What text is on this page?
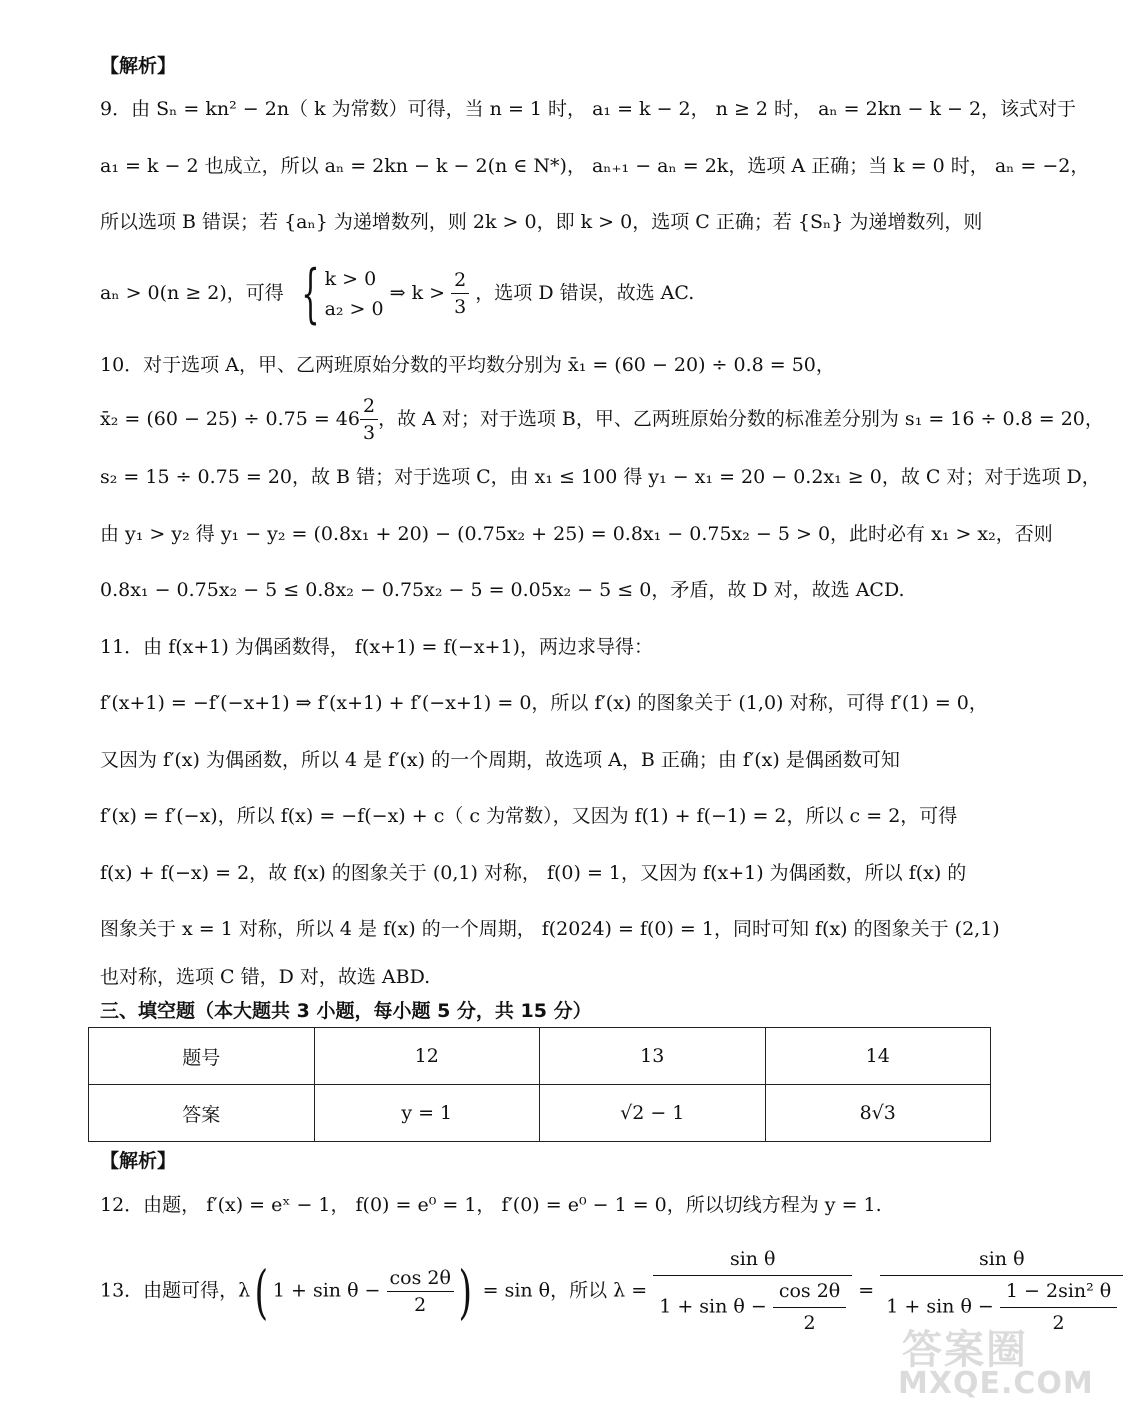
【解析】
9．由 Sₙ = kn² − 2n（ k 为常数）可得，当 n = 1 时， a₁ = k − 2， n ≥ 2 时， aₙ = 2kn − k − 2，该式对于
a₁ = k − 2 也成立，所以 aₙ = 2kn − k − 2(n ∈ N*)， aₙ₊₁ − aₙ = 2k，选项 A 正确；当 k = 0 时， aₙ = −2，
所以选项 B 错误；若 {aₙ} 为递增数列，则 2k > 0，即 k > 0，选项 C 正确；若 {Sₙ} 为递增数列，则
aₙ > 0(n ≥ 2)，可得 { k > 0
a₂ > 0
⇒ $k > \frac{2}{3}$ ，选项 D 错误，故选 AC.
10．对于选项 A，甲、乙两班原始分数的平均数分别为 x̄₁ = (60 − 20) ÷ 0.8 = 50，
x̄₂ = $(60 - 25) \div 0.75 = 46 \frac{2}{3}$ ，故 A 对；对于选项 B，甲、乙两班原始分数的标准差分别为 s₁ = 16 ÷ 0.8 = 20，
s₂ = 15 ÷ 0.75 = 20，故 B 错；对于选项 C，由 x₁ ≤ 100 得 y₁ − x₁ = 20 − 0.2x₁ ≥ 0，故 C 对；对于选项 D，
由 y₁ > y₂ 得 y₁ − y₂ = (0.8x₁ + 20) − (0.75x₂ + 25) = 0.8x₁ − 0.75x₂ − 5 > 0，此时必有 x₁ > x₂，否则
0.8x₁ − 0.75x₂ − 5 ≤ 0.8x₂ − 0.75x₂ − 5 = 0.05x₂ − 5 ≤ 0，矛盾，故 D 对，故选 ACD.
11．由 f(x+1) 为偶函数得， f(x+1) = f(−x+1)，两边求导得：
f′(x+1) = −f′(−x+1) ⇒ f′(x+1) + f′(−x+1) = 0，所以 f′(x) 的图象关于 (1,0) 对称，可得 f′(1) = 0，
又因为 f′(x) 为偶函数，所以 4 是 f′(x) 的一个周期，故选项 A，B 正确；由 f′(x) 是偶函数可知
f′(x) = f′(−x)，所以 f(x) = −f(−x) + c（ c 为常数），又因为 f(1) + f(−1) = 2，所以 c = 2，可得
f(x) + f(−x) = 2，故 f(x) 的图象关于 (0,1) 对称， f(0) = 1，又因为 f(x+1) 为偶函数，所以 f(x) 的
图象关于 x = 1 对称，所以 4 是 f(x) 的一个周期， f(2024) = f(0) = 1，同时可知 f(x) 的图象关于 (2,1)
也对称，选项 C 错，D 对，故选 ABD.
三、填空题（本大题共 3 小题，每小题 5 分，共 15 分）
题号	12	13	14
答案	y = 1	√2 − 1	8√3
【解析】
12．由题， f′(x) = eˣ − 1， f(0) = e⁰ = 1， f′(0) = e⁰ − 1 = 0，所以切线方程为 y = 1.
13．由题可得，λ( $1 + \sin \theta - \frac{\cos 2\theta}{2}$ ) = sin θ，所以 $\lambda = \frac{\text{sin θ}}{1 + \sin \theta - \frac{\cos 2\theta}{2}} = \frac{\text{sin θ}}{1 + \sin \theta - \frac{\text{1 − 2sin² θ}}{2}}$
答案圈
MXQE.COM
